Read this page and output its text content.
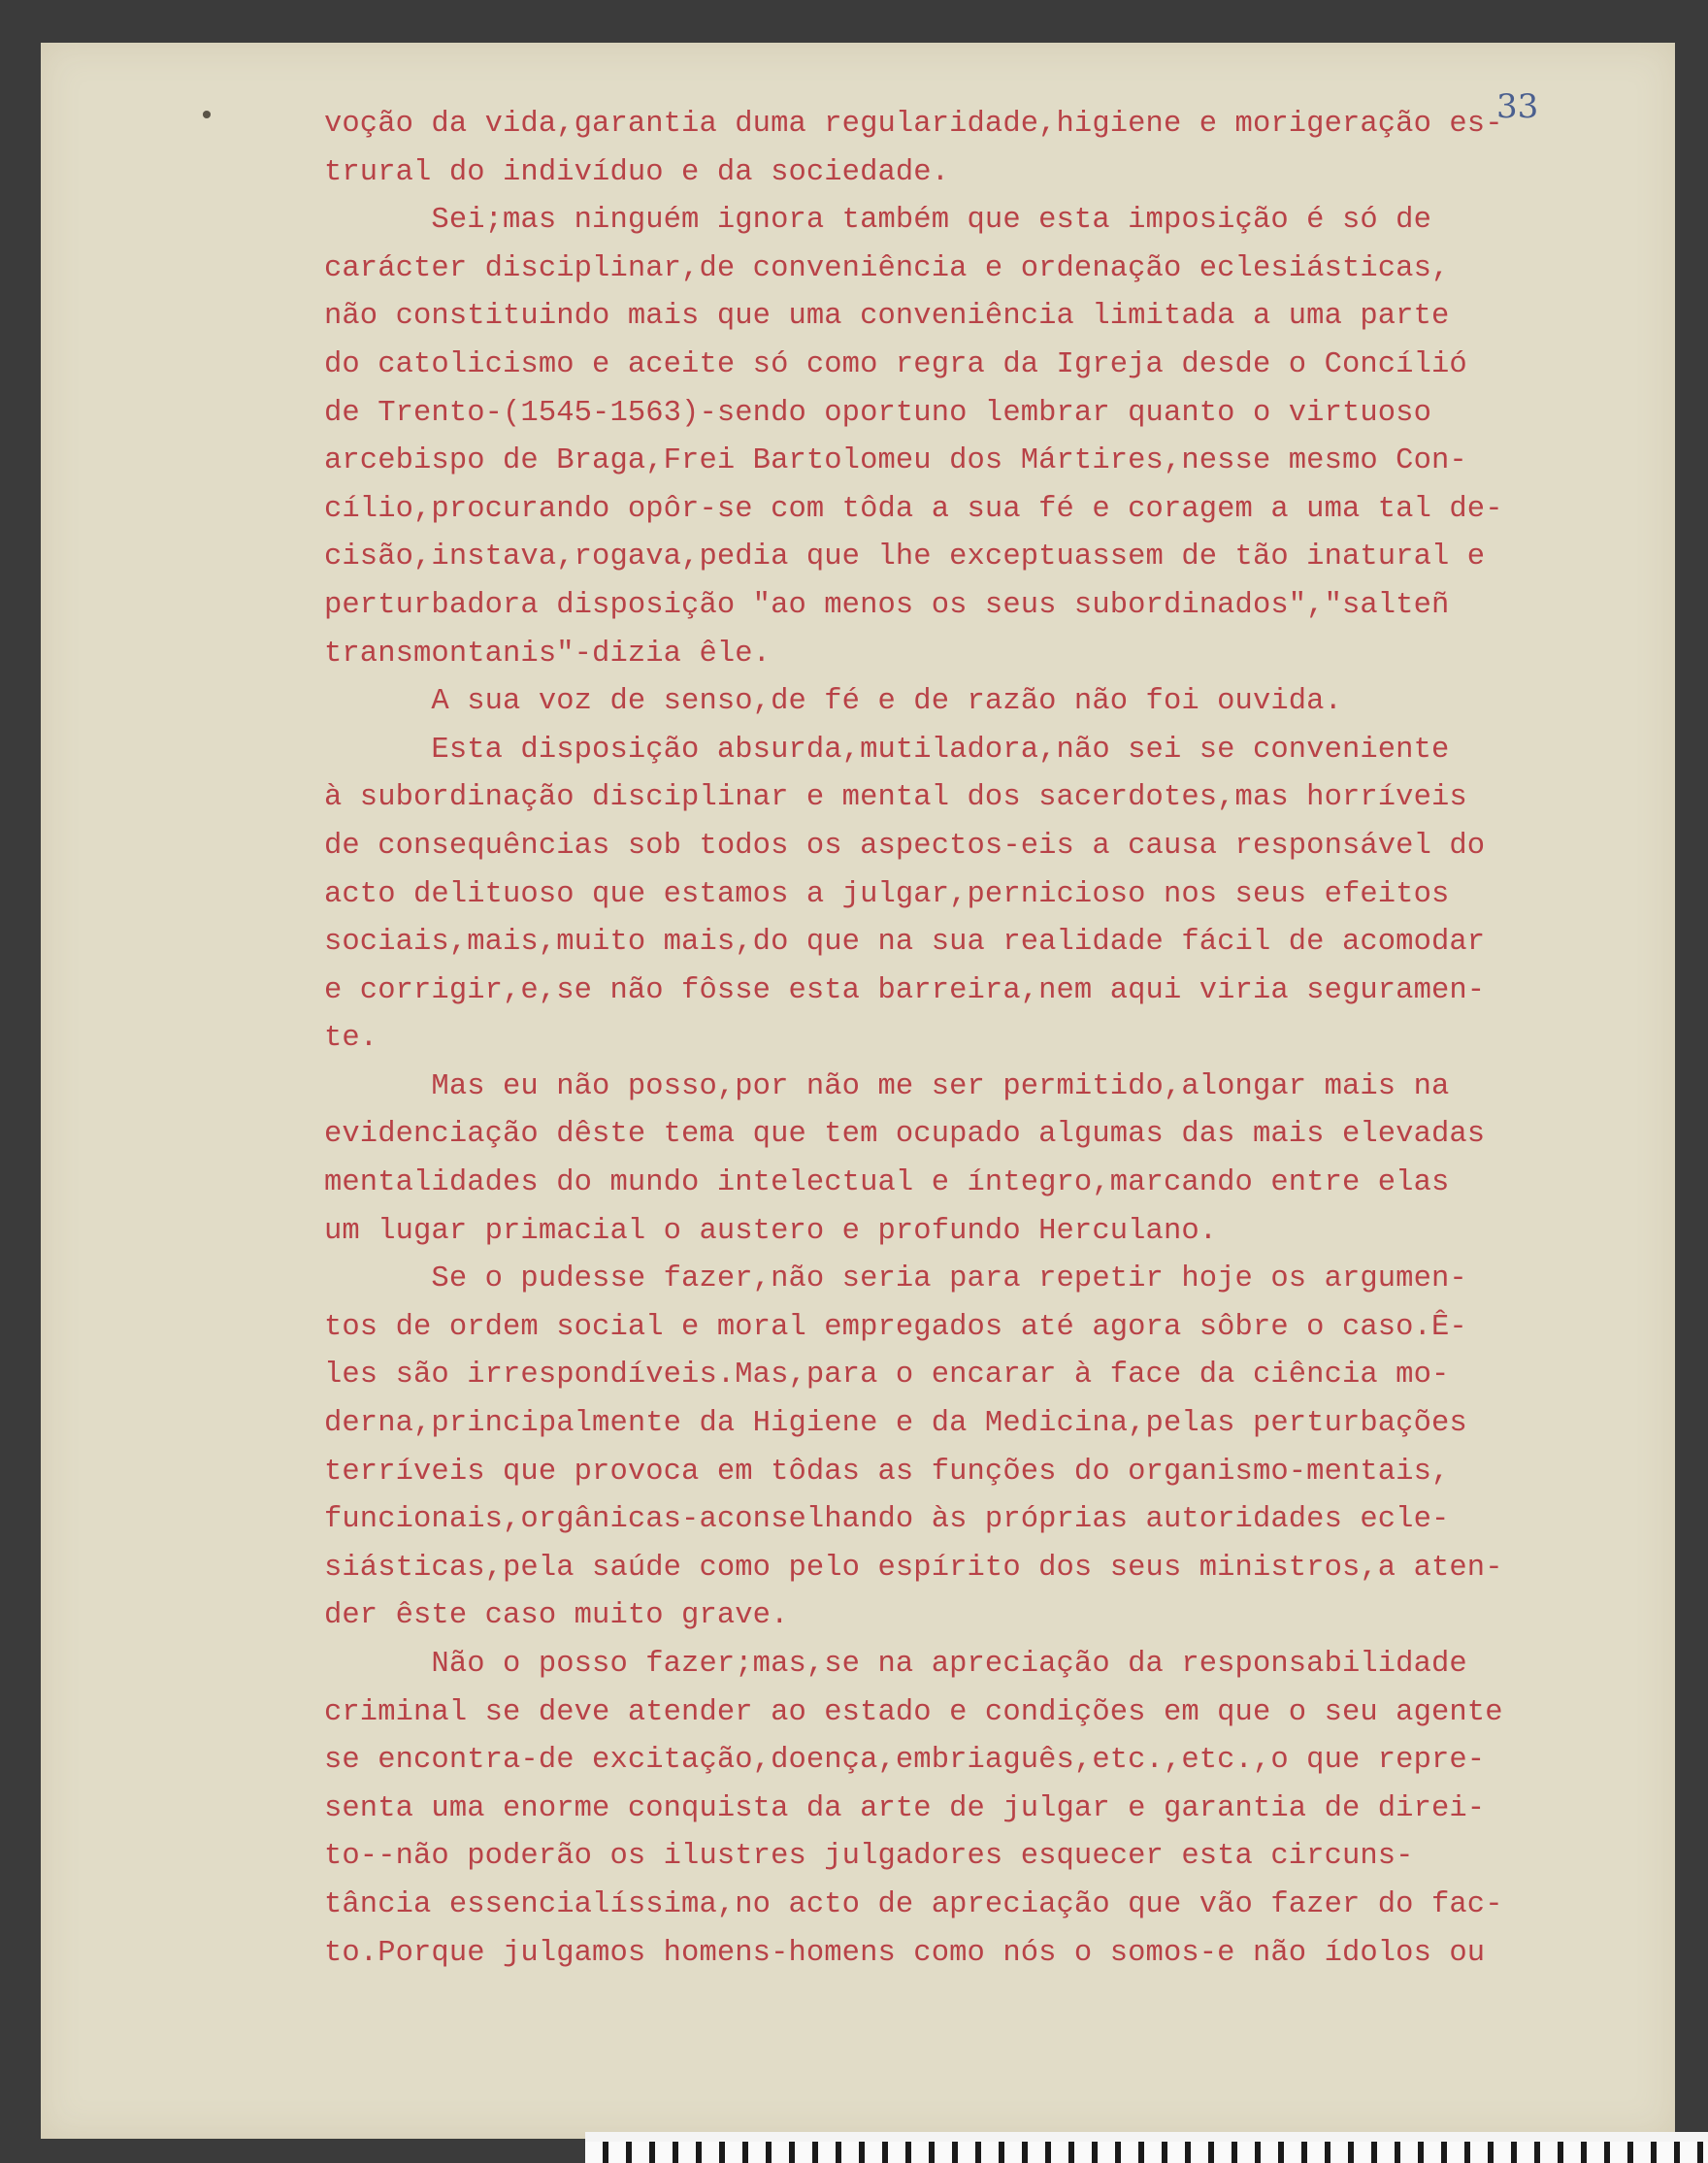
•	33
voção da vida,garantia duma regularidade,higiene e morigeração es-
trural do indivíduo e da sociedade.
Sei;mas ninguém ignora também que esta imposição é só de
carácter disciplinar,de conveniência e ordenação eclesiásticas,
não constituindo mais que uma conveniência limitada a uma parte
do catolicismo e aceite só como regra da Igreja desde o Concílió
de Trento-(1545-1563)-sendo oportuno lembrar quanto o virtuoso
arcebispo de Braga,Frei Bartolomeu dos Mártires,nesse mesmo Con-
cílio,procurando opôr-se com tôda a sua fé e coragem a uma tal de-
cisão,instava,rogava,pedia que lhe exceptuassem de tão inatural e
perturbadora disposição "ao menos os seus subordinados","salteñ
transmontanis"-dizia êle.
A sua voz de senso,de fé e de razão não foi ouvida.
Esta disposição absurda,mutiladora,não sei se conveniente
à subordinação disciplinar e mental dos sacerdotes,mas horríveis
de consequências sob todos os aspectos-eis a causa responsável do
acto delituoso que estamos a julgar,pernicioso nos seus efeitos
sociais,mais,muito mais,do que na sua realidade fácil de acomodar
e corrigir,e,se não fôsse esta barreira,nem aqui viria seguramen-
te.
Mas eu não posso,por não me ser permitido,alongar mais na
evidenciação dêste tema que tem ocupado algumas das mais elevadas
mentalidades do mundo intelectual e íntegro,marcando entre elas
um lugar primacial o austero e profundo Herculano.
Se o pudesse fazer,não seria para repetir hoje os argumen-
tos de ordem social e moral empregados até agora sôbre o caso.Ê-
les são irrespondíveis.Mas,para o encarar à face da ciência mo-
derna,principalmente da Higiene e da Medicina,pelas perturbações
terríveis que provoca em tôdas as funções do organismo-mentais,
funcionais,orgânicas-aconselhando às próprias autoridades ecle-
siásticas,pela saúde como pelo espírito dos seus ministros,a aten-
der êste caso muito grave.
Não o posso fazer;mas,se na apreciação da responsabilidade
criminal se deve atender ao estado e condições em que o seu agente
se encontra-de excitação,doença,embriaguês,etc.,etc.,o que repre-
senta uma enorme conquista da arte de julgar e garantia de direi-
to--não poderão os ilustres julgadores esquecer esta circuns-
tância essencialíssima,no acto de apreciação que vão fazer do fac-
to.Porque julgamos homens-homens como nós o somos-e não ídolos ou
